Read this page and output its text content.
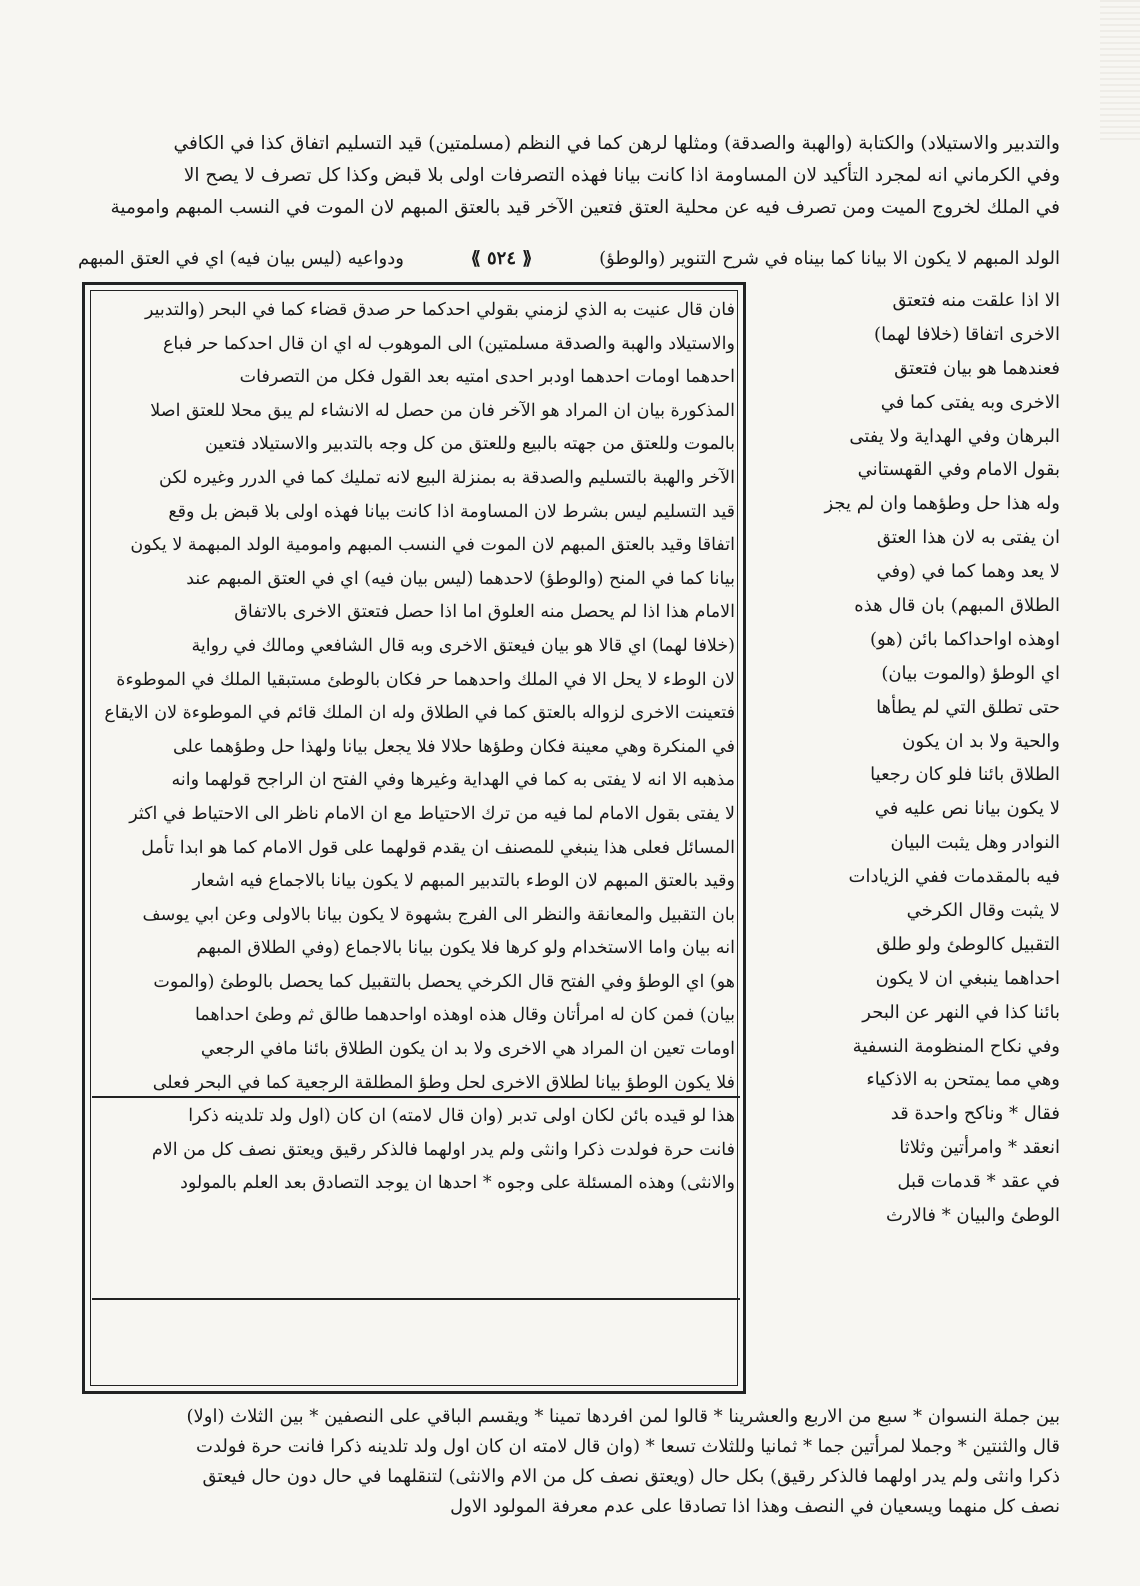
والتدبير والاستيلاد) والكتابة (والهبة والصدقة) ومثلها لرهن كما في النظم (مسلمتين) قيد التسليم اتفاق كذا في الكافي
وفي الكرماني انه لمجرد التأكيد لان المساومة اذا كانت بيانا فهذه التصرفات اولى بلا قبض وكذا كل تصرف لا يصح الا
في الملك لخروج الميت ومن تصرف فيه عن محلية العتق فتعين الآخر قيد بالعتق المبهم لان الموت في النسب المبهم وامومية
الولد المبهم لا يكون الا بيانا كما بيناه في شرح التنوير (والوطؤ)
⟪ ٥٢٤ ⟫
ودواعيه (ليس بيان فيه) اي في العتق المبهم
فان قال عنيت به الذي لزمني بقولي احدكما حر صدق قضاء كما في البحر (والتدبير
والاستيلاد والهبة والصدقة مسلمتين) الى الموهوب له اي ان قال احدكما حر فباع
احدهما اومات احدهما اودبر احدى امتيه بعد القول فكل من التصرفات
المذكورة بيان ان المراد هو الآخر فان من حصل له الانشاء لم يبق محلا للعتق اصلا
بالموت وللعتق من جهته بالبيع وللعتق من كل وجه بالتدبير والاستيلاد فتعين
الآخر والهبة بالتسليم والصدقة به بمنزلة البيع لانه تمليك كما في الدرر وغيره لكن
قيد التسليم ليس بشرط لان المساومة اذا كانت بيانا فهذه اولى بلا قبض بل وقع
اتفاقا وقيد بالعتق المبهم لان الموت في النسب المبهم وامومية الولد المبهمة لا يكون
بيانا كما في المنح (والوطؤ) لاحدهما (ليس بيان فيه) اي في العتق المبهم عند
الامام هذا اذا لم يحصل منه العلوق اما اذا حصل فتعتق الاخرى بالاتفاق
(خلافا لهما) اي قالا هو بيان فيعتق الاخرى وبه قال الشافعي ومالك في رواية
لان الوطء لا يحل الا في الملك واحدهما حر فكان بالوطئ مستبقيا الملك في الموطوءة
فتعينت الاخرى لزواله بالعتق كما في الطلاق وله ان الملك قائم في الموطوءة لان الايقاع
في المنكرة وهي معينة فكان وطؤها حلالا فلا يجعل بيانا ولهذا حل وطؤهما على
مذهبه الا انه لا يفتى به كما في الهداية وغيرها وفي الفتح ان الراجح قولهما وانه
لا يفتى بقول الامام لما فيه من ترك الاحتياط مع ان الامام ناظر الى الاحتياط في اكثر
المسائل فعلى هذا ينبغي للمصنف ان يقدم قولهما على قول الامام كما هو ابدا تأمل
وقيد بالعتق المبهم لان الوطء بالتدبير المبهم لا يكون بيانا بالاجماع فيه اشعار
بان التقبيل والمعانقة والنظر الى الفرج بشهوة لا يكون بيانا بالاولى وعن ابي يوسف
انه بيان واما الاستخدام ولو كرها فلا يكون بيانا بالاجماع (وفي الطلاق المبهم
هو) اي الوطؤ وفي الفتح قال الكرخي يحصل بالتقبيل كما يحصل بالوطئ (والموت
بيان) فمن كان له امرأتان وقال هذه اوهذه اواحدهما طالق ثم وطئ احداهما
اومات تعين ان المراد هي الاخرى ولا بد ان يكون الطلاق بائنا مافي الرجعي
فلا يكون الوطؤ بيانا لطلاق الاخرى لحل وطؤ المطلقة الرجعية كما في البحر فعلى
هذا لو قيده بائن لكان اولى تدبر (وان قال لامته) ان كان (اول ولد تلدينه ذكرا
فانت حرة فولدت ذكرا وانثى ولم يدر اولهما فالذكر رقيق ويعتق نصف كل من الام
والانثى) وهذه المسئلة على وجوه * احدها ان يوجد التصادق بعد العلم بالمولود
الا اذا علقت منه فتعتق
الاخرى اتفاقا (خلافا لهما)
فعندهما هو بيان فتعتق
الاخرى وبه يفتى كما في
البرهان وفي الهداية ولا يفتى
بقول الامام وفي القهستاني
وله هذا حل وطؤهما وان لم يجز
ان يفتى به لان هذا العتق
لا يعد وهما كما في (وفي
الطلاق المبهم) بان قال هذه
اوهذه اواحداكما بائن (هو)
اي الوطؤ (والموت بيان)
حتى تطلق التي لم يطأها
والحية ولا بد ان يكون
الطلاق بائنا فلو كان رجعيا
لا يكون بيانا نص عليه في
النوادر وهل يثبت البيان
فيه بالمقدمات ففي الزيادات
لا يثبت وقال الكرخي
التقبيل كالوطئ ولو طلق
احداهما ينبغي ان لا يكون
بائنا كذا في النهر عن البحر
وفي نكاح المنظومة النسفية
وهي مما يمتحن به الاذكياء
فقال * وناكح واحدة قد
انعقد * وامرأتين وثلاثا
في عقد * قدمات قبل
الوطئ والبيان * فالارث
بين جملة النسوان * سبع من الاربع والعشرينا * قالوا لمن افردها تمينا * ويقسم الباقي على النصفين * بين الثلاث (اولا)
قال والثنتين * وجملا لمرأتين جما * ثمانيا وللثلاث تسعا * (وان قال لامته ان كان اول ولد تلدينه ذكرا فانت حرة فولدت
ذكرا وانثى ولم يدر اولهما فالذكر رقيق) بكل حال (ويعتق نصف كل من الام والانثى) لتنقلهما في حال دون حال فيعتق
نصف كل منهما ويسعيان في النصف وهذا اذا تصادقا على عدم معرفة المولود الاول
